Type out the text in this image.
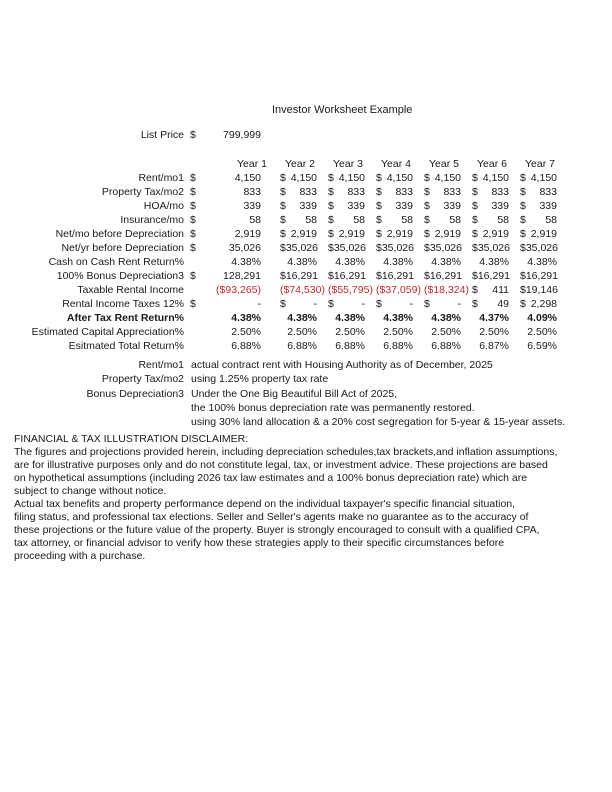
Investor Worksheet Example
List Price $	799,999
Year 1	Year 2	Year 3	Year 4	Year 5	Year 6	Year 7
Rent/mo1 $	4,150 $ 4,150 $ 4,150 $ 4,150 $ 4,150 $ 4,150 $ 4,150
Property Tax/mo2 $	833 $ 833 $ 833 $ 833 $ 833 $ 833 $ 833
HOA/mo $	339 $ 339 $ 339 $ 339 $ 339 $ 339 $ 339
Insurance/mo $	58 $ 58 $ 58 $ 58 $ 58 $ 58 $ 58
Net/mo before Depreciation $	2,919 $ 2,919 $ 2,919 $ 2,919 $ 2,919 $ 2,919 $ 2,919
Net/yr before Depreciation $	35,026 $ 35,026 $ 35,026 $ 35,026 $ 35,026 $ 35,026 $ 35,026
Cash on Cash Rent Return%	4.38% 4.38% 4.38% 4.38% 4.38% 4.38% 4.38%
100% Bonus Depreciation3 $	128,291 $ 16,291 $ 16,291 $ 16,291 $ 16,291 $ 16,291 $ 16,291
Taxable Rental Income	($93,265) ($74,530) ($55,795) ($37,059) ($18,324) $ 411 $ 19,146
Rental Income Taxes 12% $	- $	- $	- $	- $	- $ 49 $ 2,298
After Tax Rent Return%	4.38% 4.38% 4.38% 4.38% 4.38% 4.37% 4.09%
Estimated Capital Appreciation%	2.50% 2.50% 2.50% 2.50% 2.50% 2.50% 2.50%
Esitmated Total Return%	6.88% 6.88% 6.88% 6.88% 6.88% 6.87% 6.59%
Rent/mo1 actual contract rent with Housing Authority as of December, 2025
Property Tax/mo2 using 1.25% property tax rate
Bonus Depreciation3 Under the One Big Beautiful Bill Act of 2025,
the 100% bonus depreciation rate was permanently restored.
using 30% land allocation & a 20% cost segregation for 5-year & 15-year assets.
FINANCIAL & TAX ILLUSTRATION DISCLAIMER:
The figures and projections provided herein, including depreciation schedules,tax brackets,and inflation assumptions,
are for illustrative purposes only and do not constitute legal, tax, or investment advice. These projections are based
on hypothetical assumptions (including 2026 tax law estimates and a 100% bonus depreciation rate) which are
subject to change without notice.
Actual tax benefits and property performance depend on the individual taxpayer's specific financial situation,
filing status, and professional tax elections. Seller and Seller's agents make no guarantee as to the accuracy of
these projections or the future value of the property. Buyer is strongly encouraged to consult with a qualified CPA,
tax attorney, or financial advisor to verify how these strategies apply to their specific circumstances before
proceeding with a purchase.
